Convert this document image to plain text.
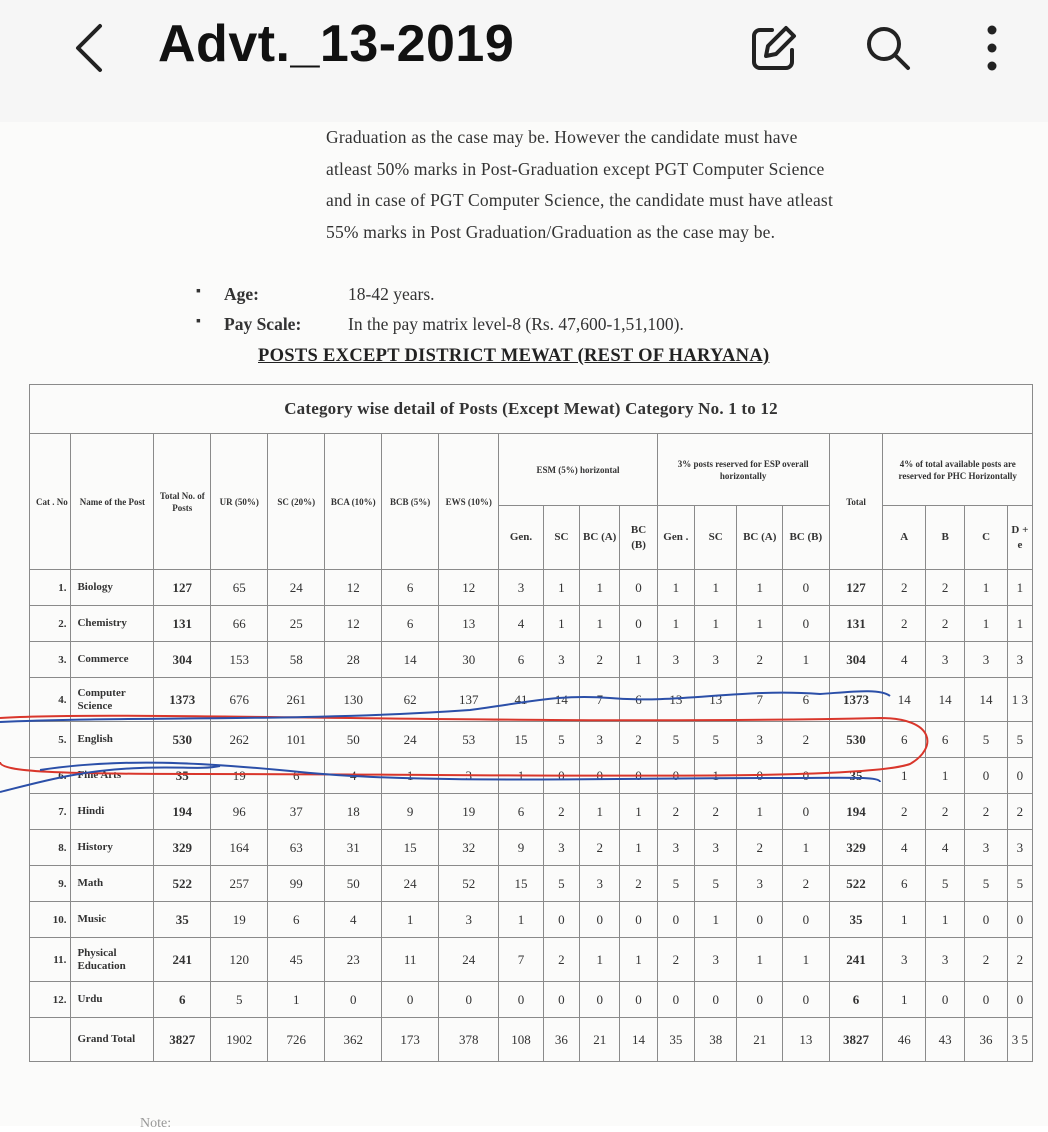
Advt._13-2019
Graduation as the case may be. However the candidate must have
atleast 50% marks in Post-Graduation except PGT Computer Science
and in case of PGT Computer Science, the candidate must have atleast
55% marks in Post Graduation/Graduation as the case may be.
▪ Age:	18-42 years.
▪ Pay Scale:	In the pay matrix level-8 (Rs. 47,600-1,51,100).
POSTS EXCEPT DISTRICT MEWAT (REST OF HARYANA)
Category wise detail of Posts (Except Mewat) Category No. 1 to 12																				
Cat . No	Name of the Post	Total No. of Posts	UR (50%)	SC (20%)	BCA (10%)	BCB (5%)	EWS (10%)	ESM (5%) horizontal				3% posts reserved for ESP overall horizontally				Total	4% of total available posts are reserved for PHC Horizontally			
								Gen.	SC	BC (A)	BC (B)	Gen .	SC	BC (A)	BC (B)		A	B	C	D + e
1.	Biology	127	65	24	12	6	12	3	1	1	0	1	1	1	0	127	2	2	1	1
2.	Chemistry	131	66	25	12	6	13	4	1	1	0	1	1	1	0	131	2	2	1	1
3.	Commerce	304	153	58	28	14	30	6	3	2	1	3	3	2	1	304	4	3	3	3
4.	Computer Science	1373	676	261	130	62	137	41	14	7	6	13	13	7	6	1373	14	14	14	1 3
5.	English	530	262	101	50	24	53	15	5	3	2	5	5	3	2	530	6	6	5	5
6.	Fine Arts	35	19	6	4	1	3	1	0	0	0	0	1	0	0	35	1	1	0	0
7.	Hindi	194	96	37	18	9	19	6	2	1	1	2	2	1	0	194	2	2	2	2
8.	History	329	164	63	31	15	32	9	3	2	1	3	3	2	1	329	4	4	3	3
9.	Math	522	257	99	50	24	52	15	5	3	2	5	5	3	2	522	6	5	5	5
10.	Music	35	19	6	4	1	3	1	0	0	0	0	1	0	0	35	1	1	0	0
11.	Physical Education	241	120	45	23	11	24	7	2	1	1	2	3	1	1	241	3	3	2	2
12.	Urdu	6	5	1	0	0	0	0	0	0	0	0	0	0	0	6	1	0	0	0
	Grand Total	3827	1902	726	362	173	378	108	36	21	14	35	38	21	13	3827	46	43	36	3 5
Note:
